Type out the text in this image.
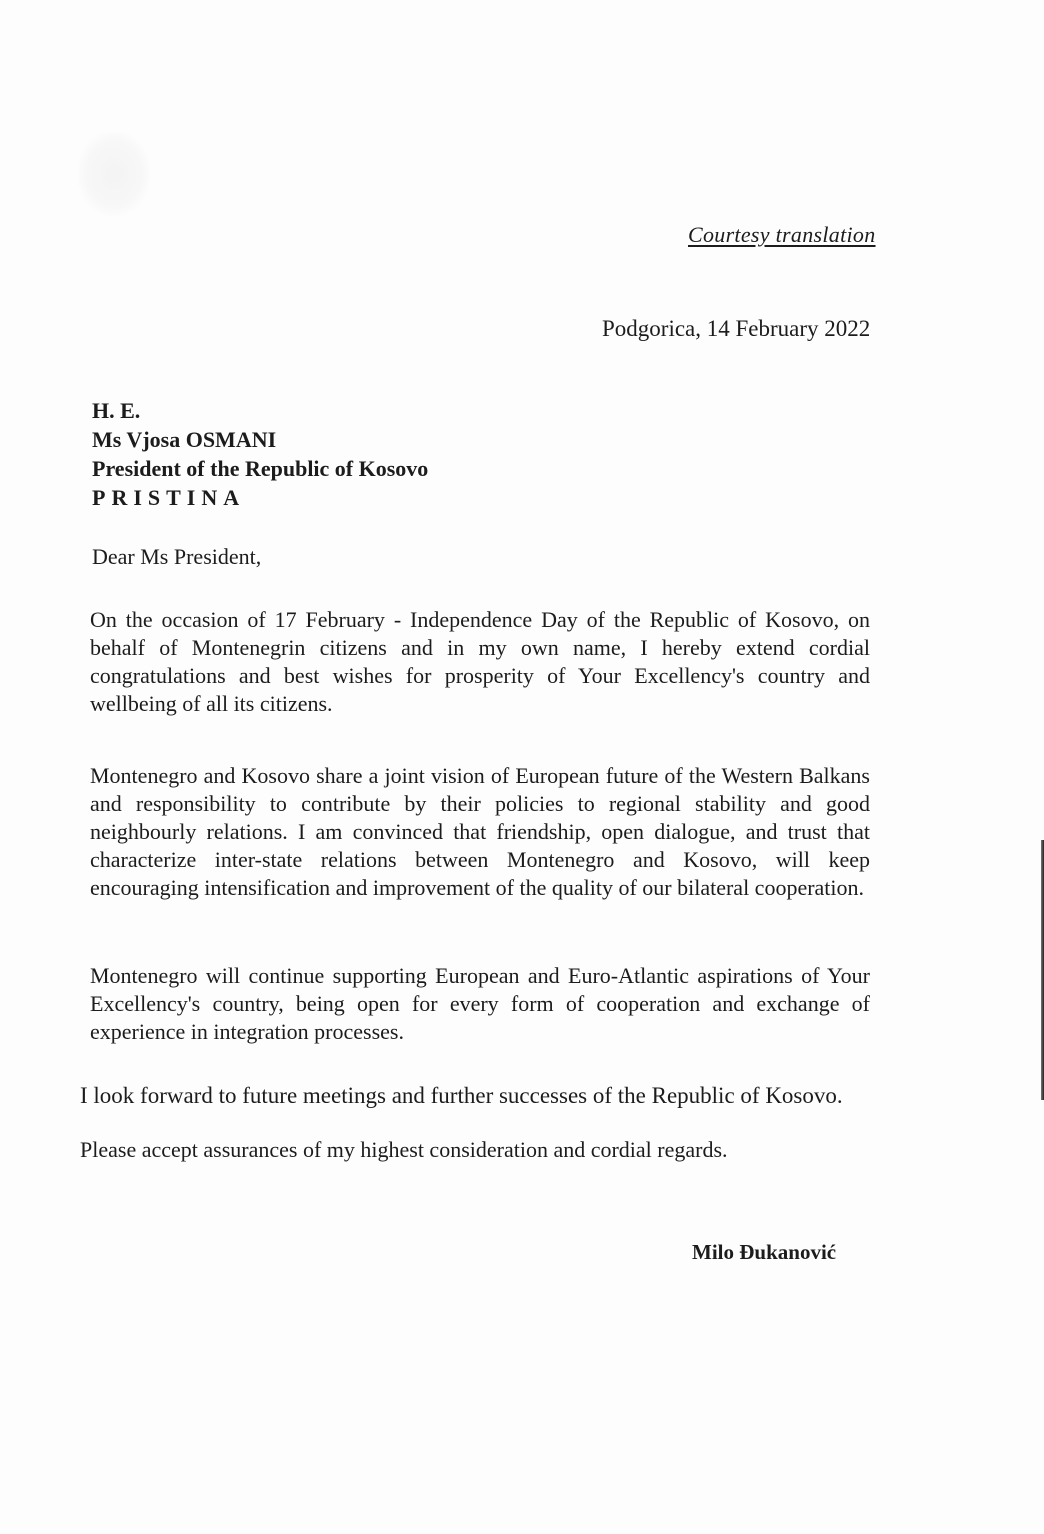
Courtesy translation
Podgorica, 14 February 2022
H. E.
Ms Vjosa OSMANI
President of the Republic of Kosovo
PRISTINA
Dear Ms President,
On the occasion of 17 February - Independence Day of the Republic of Kosovo, on behalf of Montenegrin citizens and in my own name, I hereby extend cordial congratulations and best wishes for prosperity of Your Excellency's country and wellbeing of all its citizens.
Montenegro and Kosovo share a joint vision of European future of the Western Balkans and responsibility to contribute by their policies to regional stability and good neighbourly relations. I am convinced that friendship, open dialogue, and trust that characterize inter-state relations between Montenegro and Kosovo, will keep encouraging intensification and improvement of the quality of our bilateral cooperation.
Montenegro will continue supporting European and Euro-Atlantic aspirations of Your Excellency's country, being open for every form of cooperation and exchange of experience in integration processes.
I look forward to future meetings and further successes of the Republic of Kosovo.
Please accept assurances of my highest consideration and cordial regards.
Milo Đukanović
